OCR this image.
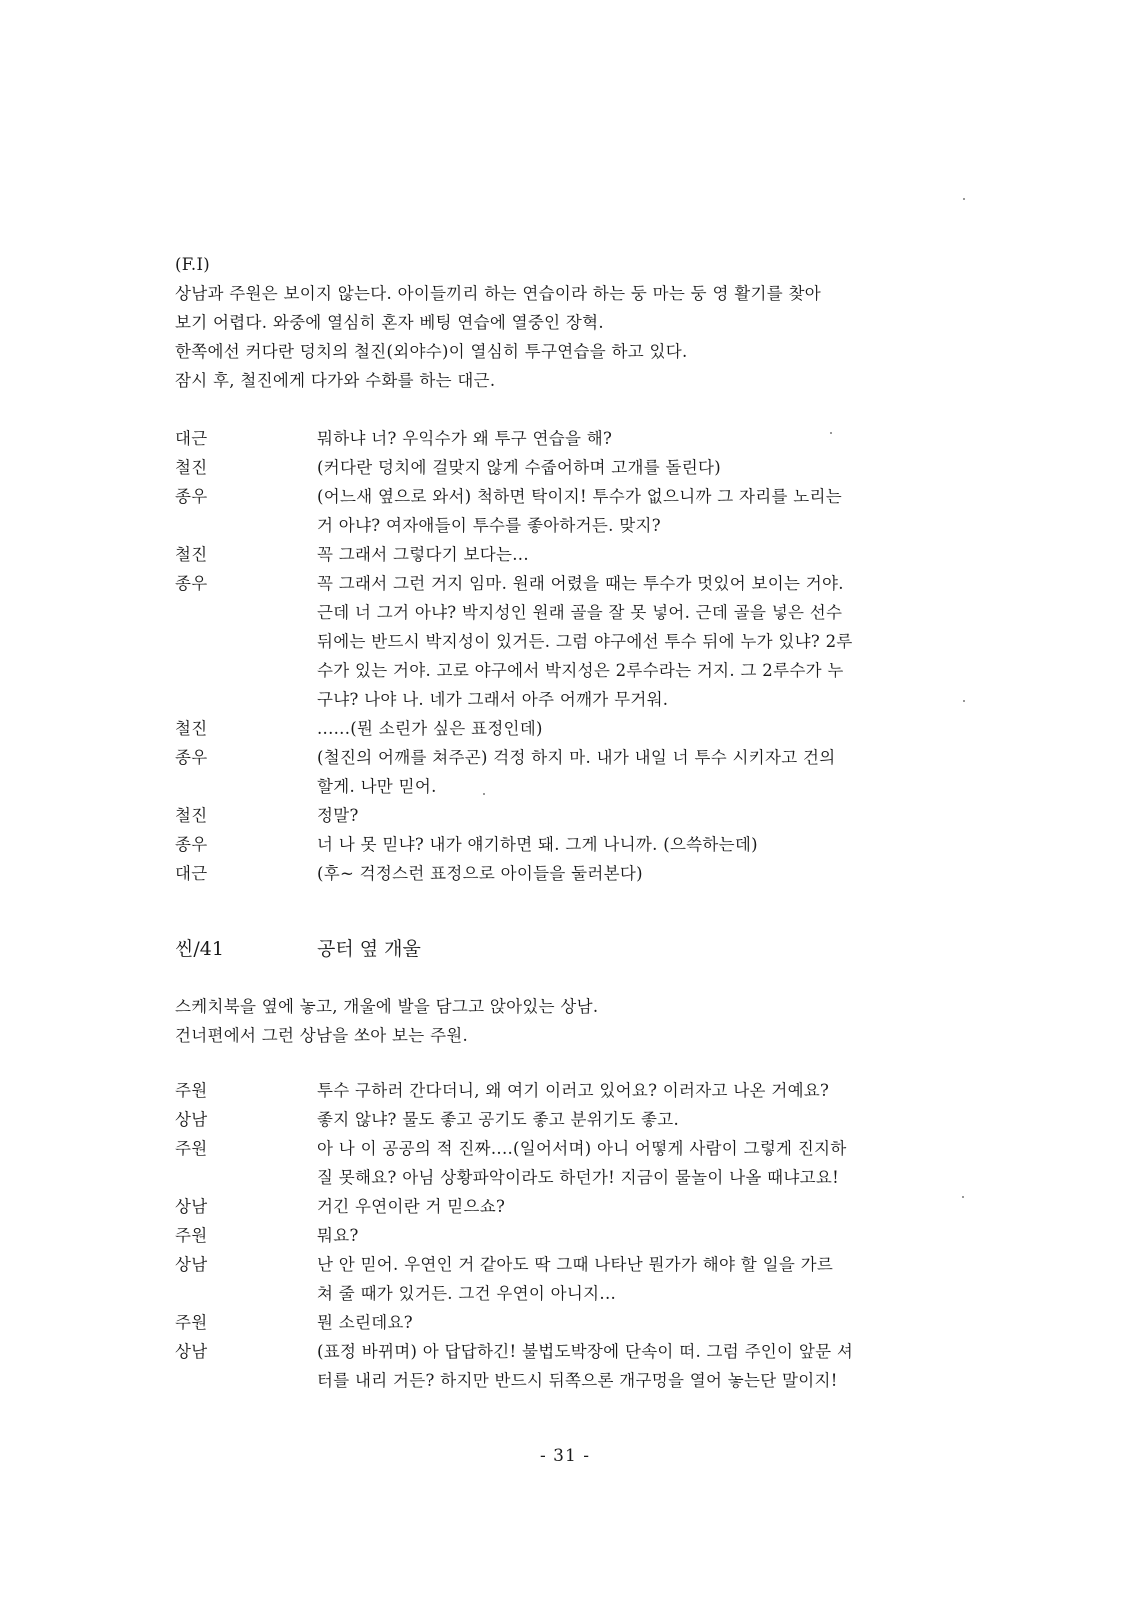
(F.I)
상남과 주원은 보이지 않는다. 아이들끼리 하는 연습이라 하는 둥 마는 둥 영 활기를 찾아
보기 어렵다. 와중에 열심히 혼자 베팅 연습에 열중인 장혁.
한쪽에선 커다란 덩치의 철진(외야수)이 열심히 투구연습을 하고 있다.
잠시 후, 철진에게 다가와 수화를 하는 대근.
대근	뭐하냐 너? 우익수가 왜 투구 연습을 해?
철진	(커다란 덩치에 걸맞지 않게 수줍어하며 고개를 돌린다)
종우	(어느새 옆으로 와서) 척하면 탁이지! 투수가 없으니까 그 자리를 노리는
거 아냐? 여자애들이 투수를 좋아하거든. 맞지?
철진	꼭 그래서 그렇다기 보다는...
종우	꼭 그래서 그런 거지 임마. 원래 어렸을 때는 투수가 멋있어 보이는 거야.
근데 너 그거 아냐? 박지성인 원래 골을 잘 못 넣어. 근데 골을 넣은 선수
뒤에는 반드시 박지성이 있거든. 그럼 야구에선 투수 뒤에 누가 있냐? 2루
수가 있는 거야. 고로 야구에서 박지성은 2루수라는 거지. 그 2루수가 누
구냐? 나야 나. 네가 그래서 아주 어깨가 무거워.
철진	......(뭔 소린가 싶은 표정인데)
종우	(철진의 어깨를 쳐주곤) 걱정 하지 마. 내가 내일 너 투수 시키자고 건의
할게. 나만 믿어.
철진	정말?
종우	너 나 못 믿냐? 내가 얘기하면 돼. 그게 나니까. (으쓱하는데)
대근	(후~ 걱정스런 표정으로 아이들을 둘러본다)
씬/41	공터 옆 개울
스케치북을 옆에 놓고, 개울에 발을 담그고 앉아있는 상남.
건너편에서 그런 상남을 쏘아 보는 주원.
주원	투수 구하러 간다더니, 왜 여기 이러고 있어요? 이러자고 나온 거예요?
상남	좋지 않냐? 물도 좋고 공기도 좋고 분위기도 좋고.
주원	아 나 이 공공의 적 진짜....(일어서며) 아니 어떻게 사람이 그렇게 진지하
질 못해요? 아님 상황파악이라도 하던가! 지금이 물놀이 나올 때냐고요!
상남	거긴 우연이란 거 믿으쇼?
주원	뭐요?
상남	난 안 믿어. 우연인 거 같아도 딱 그때 나타난 뭔가가 해야 할 일을 가르
쳐 줄 때가 있거든. 그건 우연이 아니지...
주원	뭔 소린데요?
상남	(표정 바뀌며) 아 답답하긴! 불법도박장에 단속이 떠. 그럼 주인이 앞문 셔
터를 내리 거든? 하지만 반드시 뒤쪽으론 개구멍을 열어 놓는단 말이지!
- 31 -
